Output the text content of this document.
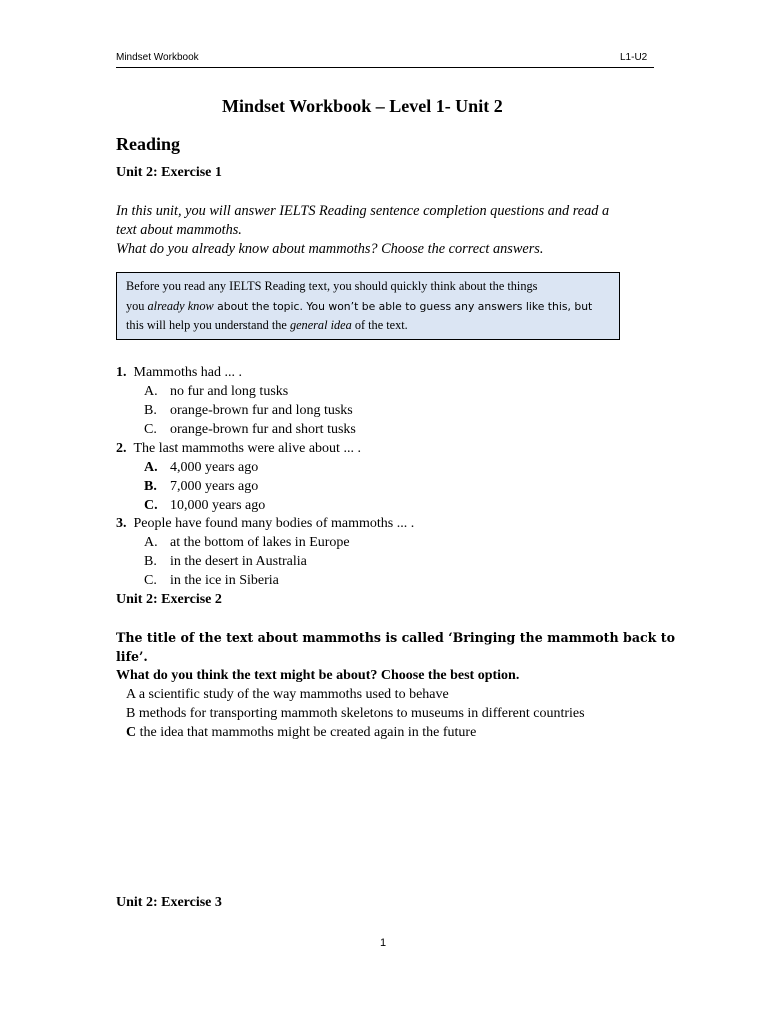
Mindset Workbook	L1-U2
Mindset Workbook – Level 1- Unit 2
Reading
Unit 2: Exercise 1
In this unit, you will answer IELTS Reading sentence completion questions and read a
text about mammoths.
What do you already know about mammoths? Choose the correct answers.
Before you read any IELTS Reading text, you should quickly think about the things
you already know about the topic. You won’t be able to guess any answers like this, but
this will help you understand the general idea of the text.
1. Mammoths had ... .
A. no fur and long tusks
B. orange-brown fur and long tusks
C. orange-brown fur and short tusks
2. The last mammoths were alive about ... .
A. 4,000 years ago
B. 7,000 years ago
C. 10,000 years ago
3. People have found many bodies of mammoths ... .
A. at the bottom of lakes in Europe
B. in the desert in Australia
C. in the ice in Siberia
Unit 2: Exercise 2
The title of the text about mammoths is called ‘Bringing the mammoth back to
life’.
What do you think the text might be about? Choose the best option.
A a scientific study of the way mammoths used to behave
B methods for transporting mammoth skeletons to museums in different countries
C the idea that mammoths might be created again in the future
Unit 2: Exercise 3
1
